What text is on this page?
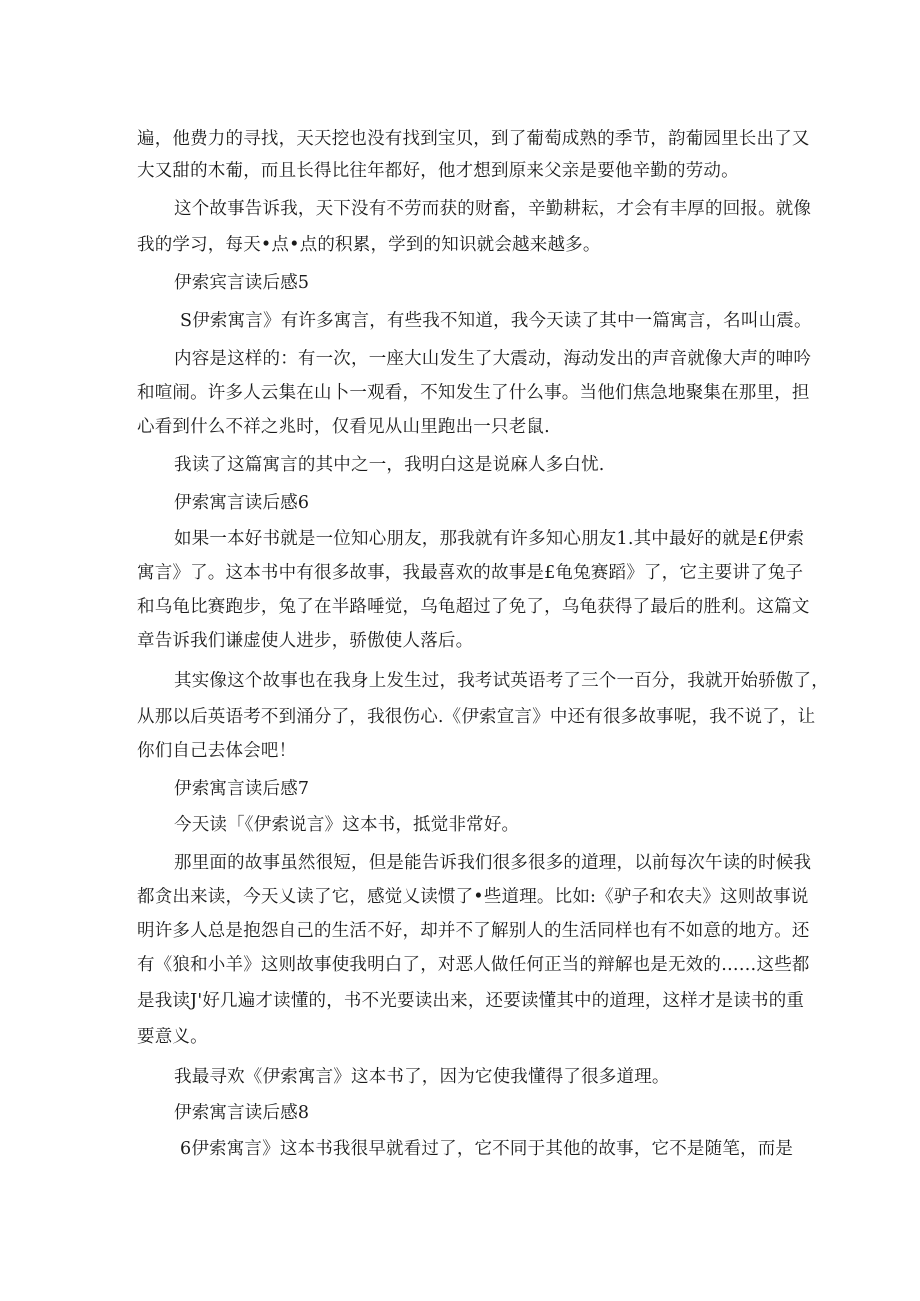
遍，他费力的寻找，天天挖也没有找到宝贝，到了葡萄成熟的季节，韵葡园里长出了又
大又甜的木葡，而且长得比往年都好，他才想到原来父亲是要他辛勤的劳动。
这个故事告诉我，天下没有不劳而获的财畜，辛勤耕耘，才会有丰厚的回报。就像
我的学习，每天•点•点的积累，学到的知识就会越来越多。
伊索宾言读后感5
S伊索寓言》有许多寓言，有些我不知道，我今天读了其中一篇寓言，名叫山震。
内容是这样的：有一次，一座大山发生了大震动，海动发出的声音就像大声的呻吟
和喧闹。许多人云集在山卜一观看，不知发生了什么事。当他们焦急地聚集在那里，担
心看到什么不祥之兆时，仅看见从山里跑出一只老鼠.
我读了这篇寓言的其中之一，我明白这是说麻人多白忧.
伊索寓言读后感6
如果一本好书就是一位知心朋友，那我就有许多知心朋友1.其中最好的就是£伊索
寓言》了。这本书中有很多故事，我最喜欢的故事是£龟兔赛蹈》了，它主要讲了兔子
和乌龟比赛跑步，兔了在半路唾觉，乌龟超过了免了，乌龟获得了最后的胜利。这篇文
章告诉我们谦虚使人进步，骄傲使人落后。
其实像这个故事也在我身上发生过，我考试英语考了三个一百分，我就开始骄傲了，
从那以后英语考不到涌分了，我很伤心.《伊索宣言》中还有很多故事呢，我不说了，让
你们自己去体会吧！
伊索寓言读后感7
今天读「《伊索说言》这本书，抵觉非常好。
那里面的故事虽然很短，但是能告诉我们很多很多的道理，以前每次午读的时候我
都贪出来读，今天乂读了它，感觉乂读惯了•些道理。比如:《驴子和农夫》这则故事说
明许多人总是抱怨自己的生活不好，却并不了解别人的生活同样也有不如意的地方。还
有《狼和小羊》这则故事使我明白了，对恶人做任何正当的辩解也是无效的……这些都
是我读J'好几遍才读懂的，书不光要读出来，还要读懂其中的道理，这样才是读书的重
要意义。
我最寻欢《伊索寓言》这本书了，因为它使我懂得了很多道理。
伊索寓言读后感8
6伊索寓言》这本书我很早就看过了，它不同于其他的故事，它不是随笔，而是
